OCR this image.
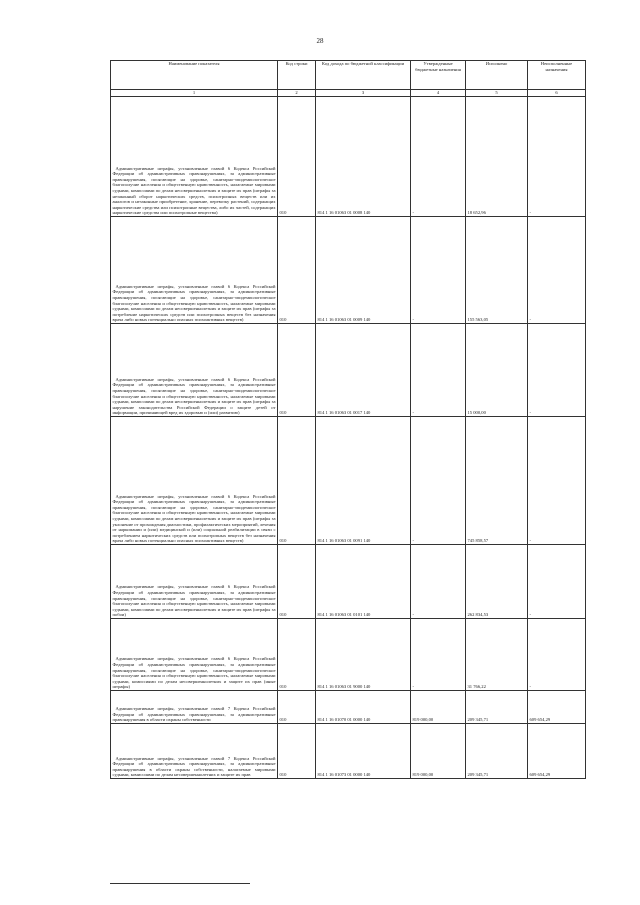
28
Наименование показателя	Код строки	Код дохода по бюджетной классификации	Утвержденные бюджетные назначения	Исполнено	Неисполненные назначения
1	2	3	4	5	6

Административные штрафы, установленные главой 6 Кодекса Российской Федерации об административных правонарушениях, за административные правонарушения, посягающие на здоровье, санитарно-эпидемиологическое благополучие населения и общественную нравственность, налагаемые мировыми судьями, комиссиями по делам несовершеннолетних и защите их прав (штрафы за незаконный оборот наркотических средств, психотропных веществ или их аналогов и незаконные приобретение, хранение, перевозку растений, содержащих наркотические средства или психотропные вещества, либо их частей, содержащих наркотические средства или психотропные вещества)	010	814 1 16 01063 01 0008 140	-	18 652,96	-

Административные штрафы, установленные главой 6 Кодекса Российской Федерации об административных правонарушениях, за административные правонарушения, посягающие на здоровье, санитарно-эпидемиологическое благополучие населения и общественную нравственность, налагаемые мировыми судьями, комиссиями по делам несовершеннолетних и защите их прав (штрафы за потребление наркотических средств или психотропных веществ без назначения врача либо новых потенциально опасных психоактивных веществ)	010	814 1 16 01063 01 0009 140	-	155 563,05	-

Административные штрафы, установленные главой 6 Кодекса Российской Федерации об административных правонарушениях, за административные правонарушения, посягающие на здоровье, санитарно-эпидемиологическое благополучие населения и общественную нравственность, налагаемые мировыми судьями, комиссиями по делам несовершеннолетних и защите их прав (штрафы за нарушение законодательства Российской Федерации о защите детей от информации, причиняющей вред их здоровью и (или) развитию)	010	814 1 16 01063 01 0017 140	-	15 000,00	-

Административные штрафы, установленные главой 6 Кодекса Российской Федерации об административных правонарушениях, за административные правонарушения, посягающие на здоровье, санитарно-эпидемиологическое благополучие населения и общественную нравственность, налагаемые мировыми судьями, комиссиями по делам несовершеннолетних и защите их прав (штрафы за уклонение от прохождения диагностики, профилактических мероприятий, лечения от наркомании и (или) медицинской и (или) социальной реабилитации в связи с потреблением наркотических средств или психотропных веществ без назначения врача либо новых потенциально опасных психоактивных веществ)	010	814 1 16 01063 01 0091 140	-	745 858,57	-

Административные штрафы, установленные главой 6 Кодекса Российской Федерации об административных правонарушениях, за административные правонарушения, посягающие на здоровье, санитарно-эпидемиологическое благополучие населения и общественную нравственность, налагаемые мировыми судьями, комиссиями по делам несовершеннолетних и защите их прав (штрафы за побои)	010	814 1 16 01063 01 0101 140	-	262 834,53	-

Административные штрафы, установленные главой 6 Кодекса Российской Федерации об административных правонарушениях, за административные правонарушения, посягающие на здоровье, санитарно-эпидемиологическое благополучие населения и общественную нравственность, налагаемые мировыми судьями, комиссиями по делам несовершеннолетних и защите их прав (иные штрафы)	010	814 1 16 01063 01 9000 140	-	31 766,22	-

Административные штрафы, установленные главой 7 Кодекса Российской Федерации об административных правонарушениях, за административные правонарушения в области охраны собственности	010	814 1 16 01070 01 0000 140	819 000,00	209 345,71	609 654,29

Административные штрафы, установленные главой 7 Кодекса Российской Федерации об административных правонарушениях, за административные правонарушения в области охраны собственности, налагаемые мировыми судьями, комиссиями по делам несовершеннолетних и защите их прав	010	814 1 16 01073 01 0000 140	819 000,00	209 345,71	609 654,29
